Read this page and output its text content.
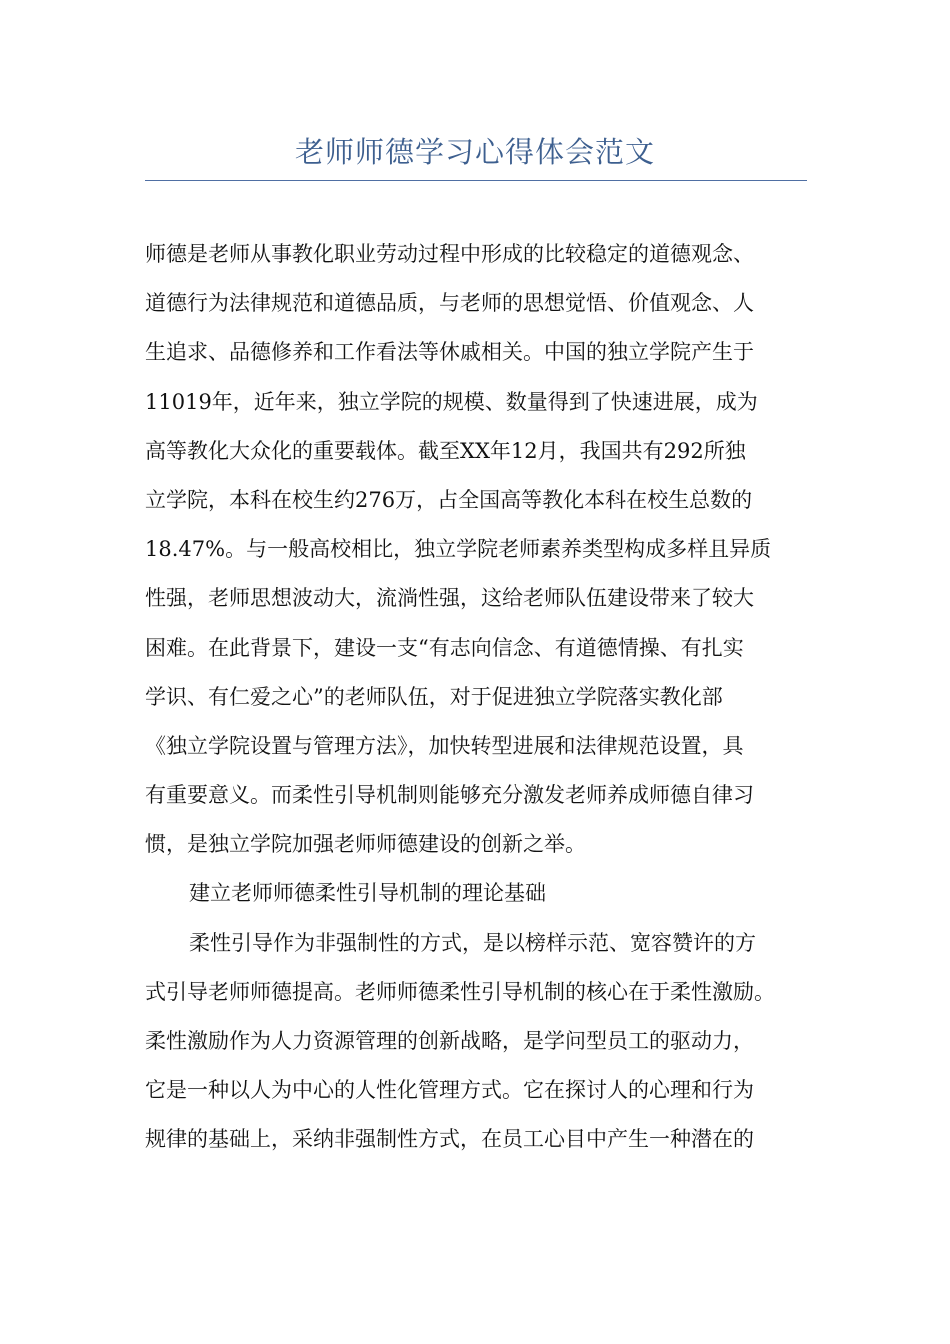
老师师德学习心得体会范文
师德是老师从事教化职业劳动过程中形成的比较稳定的道德观念、
道德行为法律规范和道德品质，与老师的思想觉悟、价值观念、人
生追求、品德修养和工作看法等休戚相关。中国的独立学院产生于
11019年，近年来，独立学院的规模、数量得到了快速进展，成为
高等教化大众化的重要载体。截至XX年12月，我国共有292所独
立学院，本科在校生约276万，占全国高等教化本科在校生总数的
18.47%。与一般高校相比，独立学院老师素养类型构成多样且异质
性强，老师思想波动大，流淌性强，这给老师队伍建设带来了较大
困难。在此背景下，建设一支“有志向信念、有道德情操、有扎实
学识、有仁爱之心”的老师队伍，对于促进独立学院落实教化部
《独立学院设置与管理方法》，加快转型进展和法律规范设置，具
有重要意义。而柔性引导机制则能够充分激发老师养成师德自律习
惯，是独立学院加强老师师德建设的创新之举。
建立老师师德柔性引导机制的理论基础
柔性引导作为非强制性的方式，是以榜样示范、宽容赞许的方
式引导老师师德提高。老师师德柔性引导机制的核心在于柔性激励。
柔性激励作为人力资源管理的创新战略，是学问型员工的驱动力，
它是一种以人为中心的人性化管理方式。它在探讨人的心理和行为
规律的基础上，采纳非强制性方式，在员工心目中产生一种潜在的
